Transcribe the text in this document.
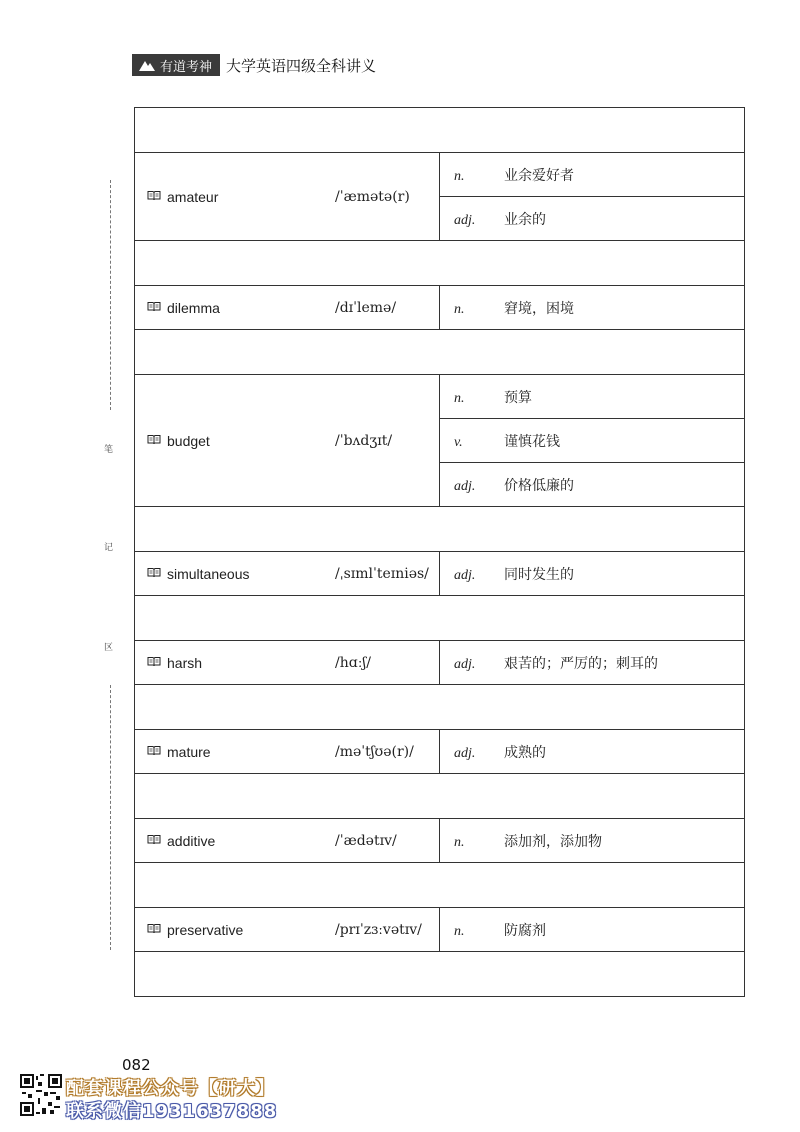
有道考神 大学英语四级全科讲义
笔
记
区

amateur /ˈæmətə(r)	n. 业余爱好者
	adj. 业余的

dilemma /dɪˈlemə/	n. 窘境，困境

budget /ˈbʌdʒɪt/	n. 预算
	v. 谨慎花钱
	adj. 价格低廉的

simultaneous /ˌsɪmlˈteɪniəs/	adj. 同时发生的

harsh /hɑːʃ/	adj. 艰苦的；严厉的；刺耳的

mature /məˈtʃʊə(r)/	adj. 成熟的

additive /ˈædətɪv/	n. 添加剂，添加物

preservative /prɪˈzɜːvətɪv/	n. 防腐剂

082
配套课程公众号【研大】
联系微信1931637888
